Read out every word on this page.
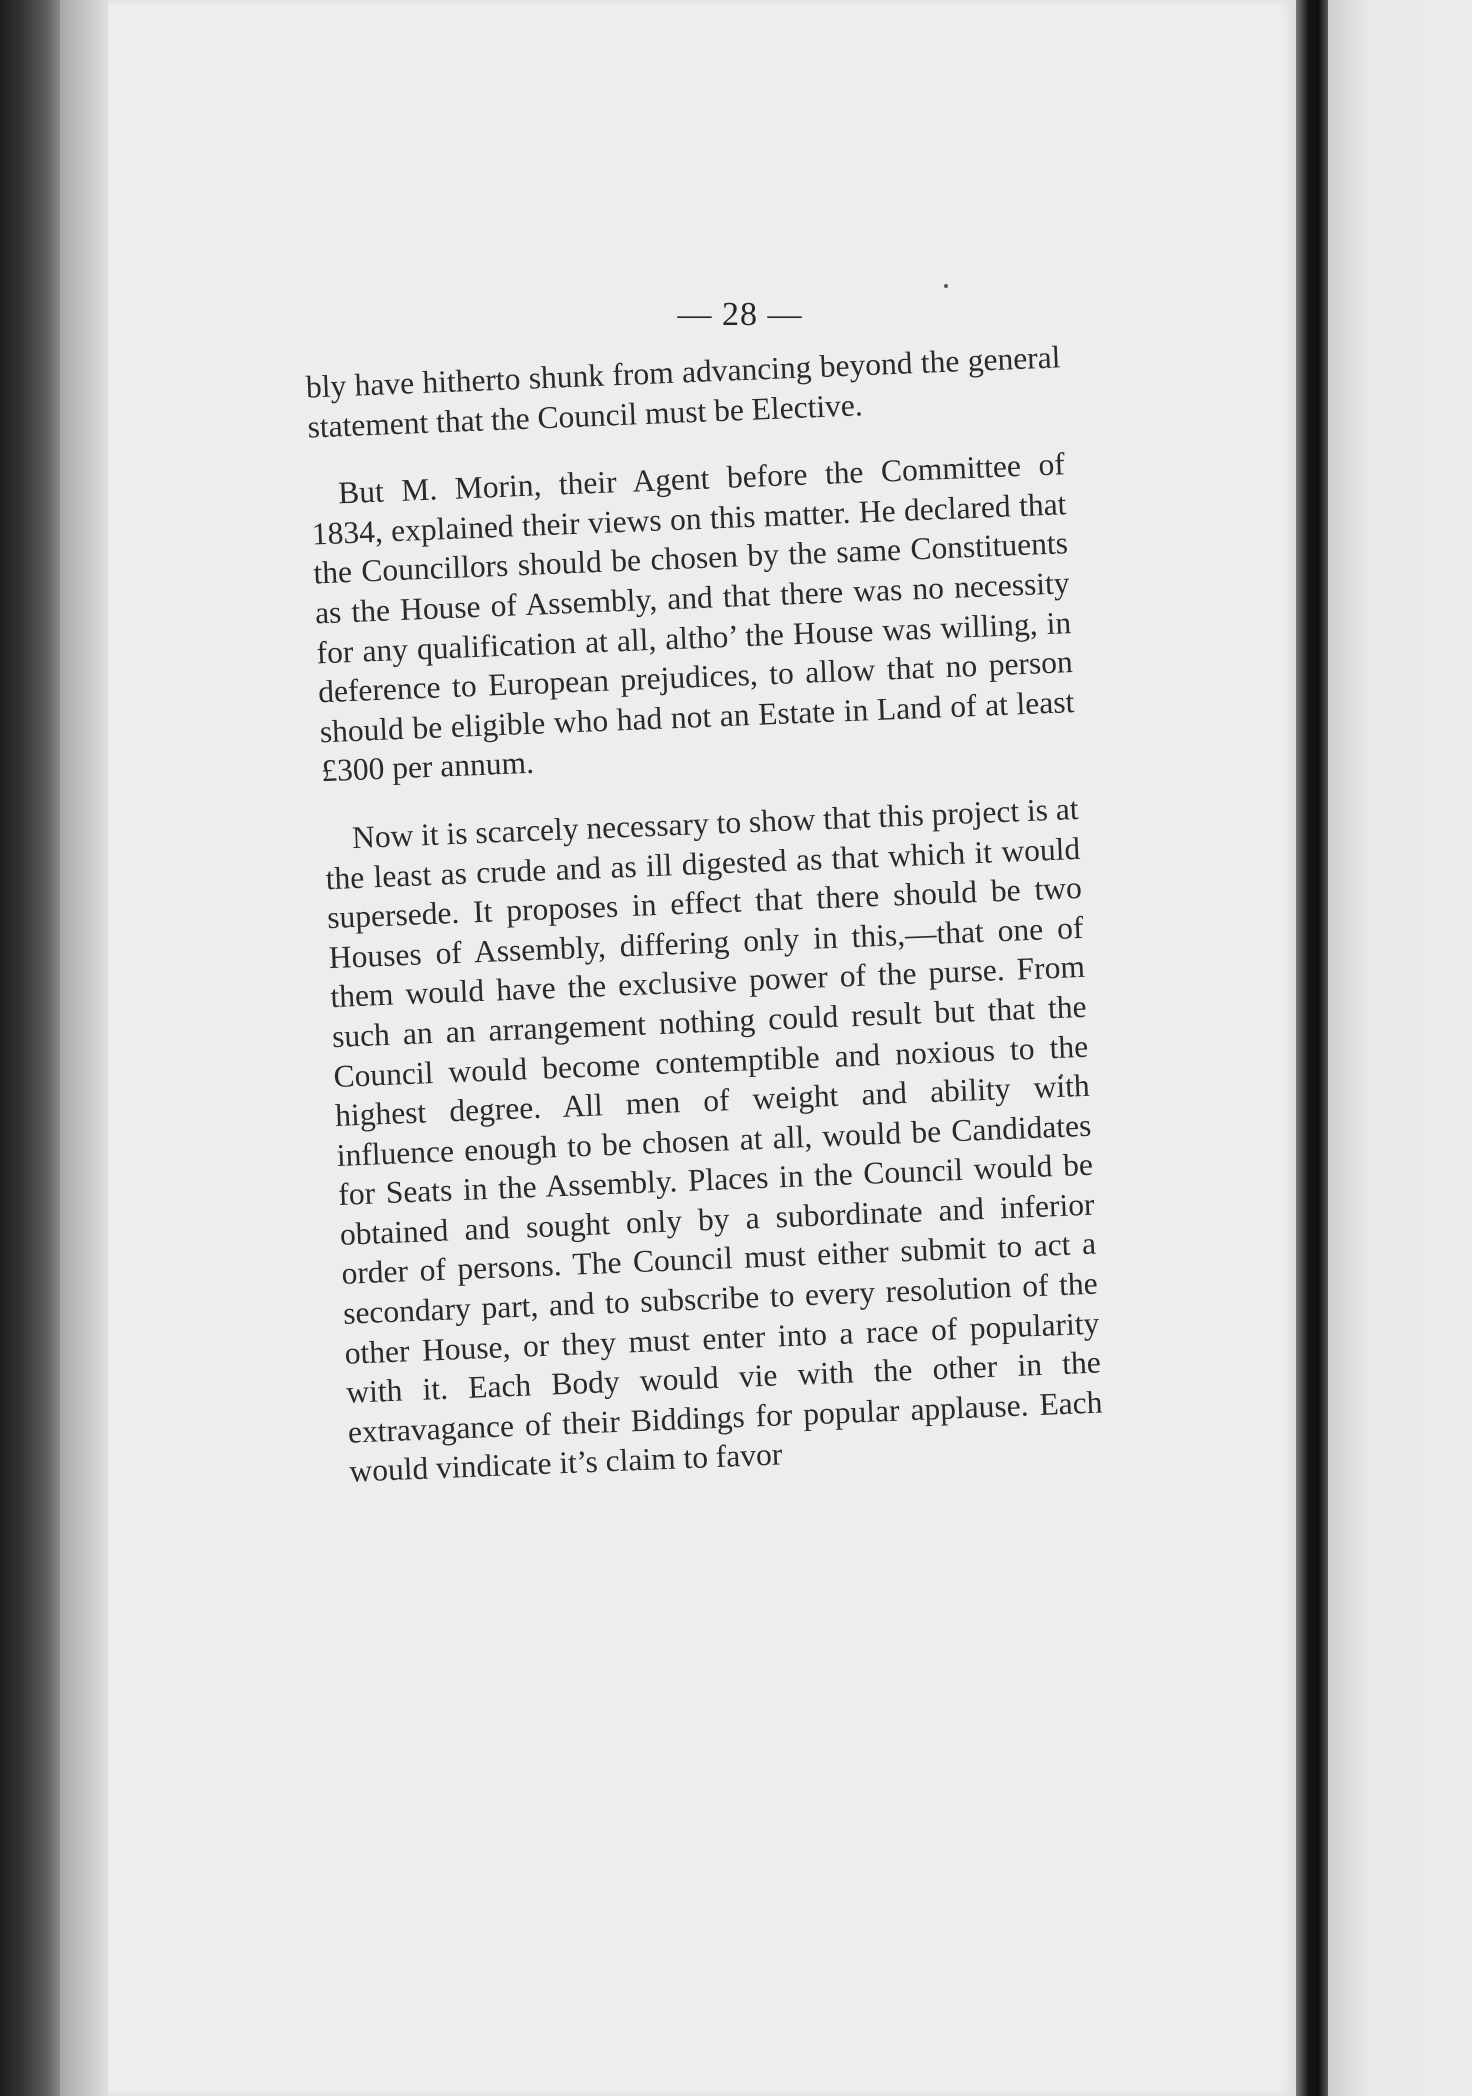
— 28 —

bly have hitherto shunk from advancing beyond the general statement that the Council must be Elective.

But M. Morin, their Agent before the Committee of 1834, explained their views on this matter. He declared that the Councillors should be chosen by the same Constituents as the House of Assembly, and that there was no necessity for any qualification at all, altho’ the House was willing, in deference to European prejudices, to allow that no person should be eligible who had not an Estate in Land of at least £300 per annum.

Now it is scarcely necessary to show that this project is at the least as crude and as ill digested as that which it would supersede. It proposes in effect that there should be two Houses of Assembly, differing only in this,—that one of them would have the exclusive power of the purse. From such an an arrangement nothing could result but that the Council would become contemptible and noxious to the highest degree. All men of weight and ability with influence enough to be chosen at all, would be Candidates for Seats in the Assembly. Places in the Council would be obtained and sought only by a subordinate and inferior order of persons. The Council must either submit to act a secondary part, and to subscribe to every resolution of the other House, or they must enter into a race of popularity with it. Each Body would vie with the other in the extravagance of their Biddings for popular applause. Each would vindicate it’s claim to favor
